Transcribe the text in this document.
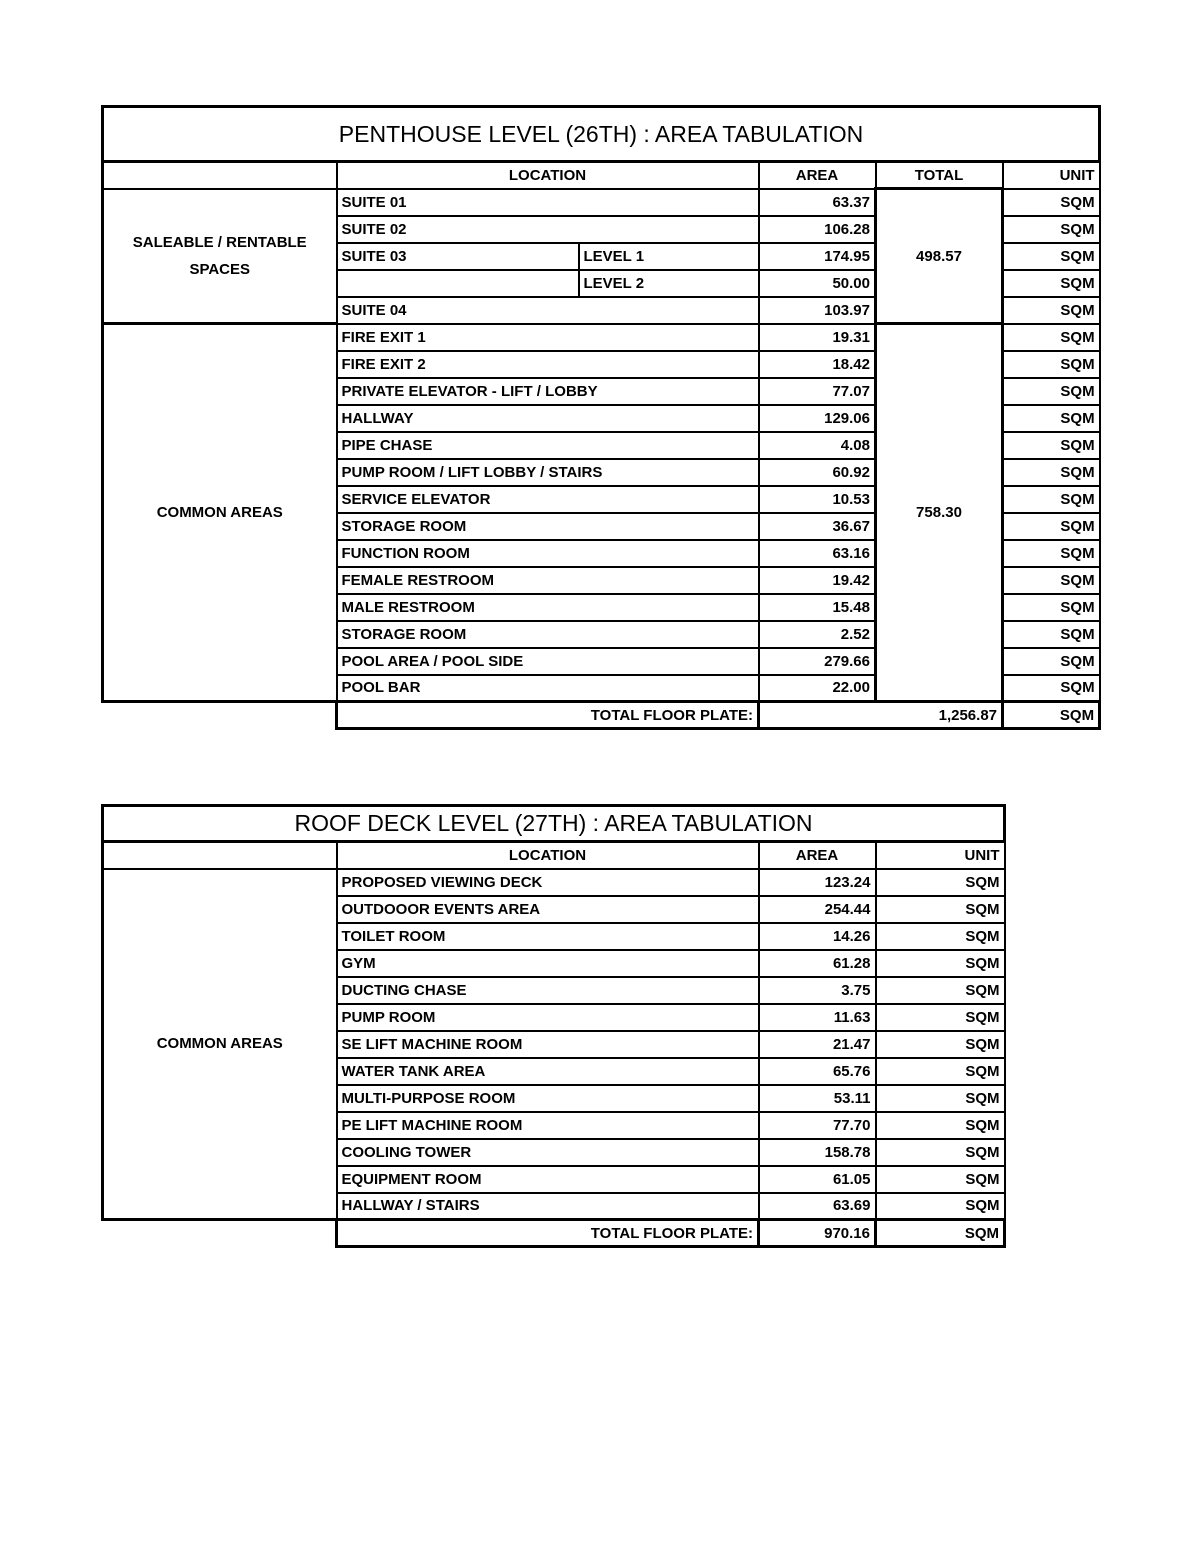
PENTHOUSE LEVEL (26TH) : AREA TABULATION					
	LOCATION		AREA	TOTAL	UNIT
SALEABLE / RENTABLE SPACES	SUITE 01		63.37	498.57	SQM
	SUITE 02		106.28		SQM
	SUITE 03	LEVEL 1	174.95		SQM
		LEVEL 2	50.00		SQM
	SUITE 04		103.97		SQM
COMMON AREAS	FIRE EXIT 1		19.31	758.30	SQM
	FIRE EXIT 2		18.42		SQM
	PRIVATE ELEVATOR - LIFT / LOBBY		77.07		SQM
	HALLWAY		129.06		SQM
	PIPE CHASE		4.08		SQM
	PUMP ROOM / LIFT LOBBY / STAIRS		60.92		SQM
	SERVICE ELEVATOR		10.53		SQM
	STORAGE ROOM		36.67		SQM
	FUNCTION ROOM		63.16		SQM
	FEMALE RESTROOM		19.42		SQM
	MALE RESTROOM		15.48		SQM
	STORAGE ROOM		2.52		SQM
	POOL AREA / POOL SIDE		279.66		SQM
	POOL BAR		22.00		SQM
	TOTAL FLOOR PLATE:		1,256.87		SQM
ROOF DECK LEVEL (27TH) : AREA TABULATION			
	LOCATION	AREA	UNIT
COMMON AREAS	PROPOSED VIEWING DECK	123.24	SQM
	OUTDOOOR EVENTS AREA	254.44	SQM
	TOILET ROOM	14.26	SQM
	GYM	61.28	SQM
	DUCTING CHASE	3.75	SQM
	PUMP ROOM	11.63	SQM
	SE LIFT MACHINE ROOM	21.47	SQM
	WATER TANK AREA	65.76	SQM
	MULTI-PURPOSE ROOM	53.11	SQM
	PE LIFT MACHINE ROOM	77.70	SQM
	COOLING TOWER	158.78	SQM
	EQUIPMENT ROOM	61.05	SQM
	HALLWAY / STAIRS	63.69	SQM
	TOTAL FLOOR PLATE:	970.16	SQM
